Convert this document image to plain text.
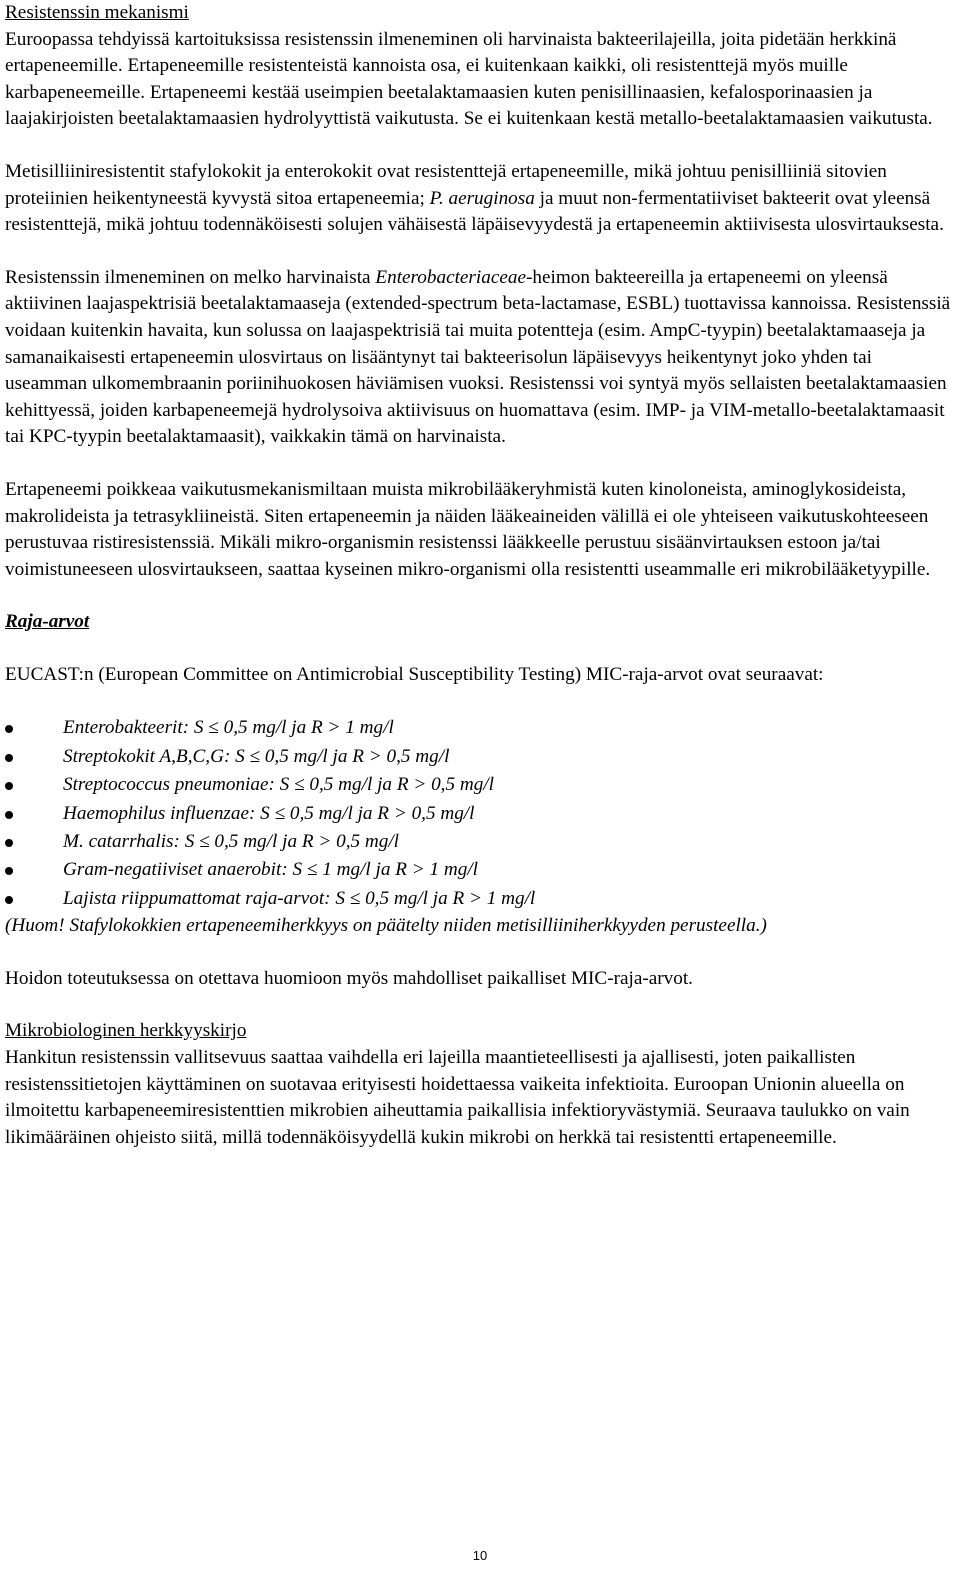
Resistenssin mekanismi

Euroopassa tehdyissä kartoituksissa resistenssin ilmeneminen oli harvinaista bakteerilajeilla, joita pidetään herkkinä ertapeneemille. Ertapeneemille resistenteistä kannoista osa, ei kuitenkaan kaikki, oli resistenttejä myös muille karbapeneemeille. Ertapeneemi kestää useimpien beetalaktamaasien kuten penisillinaasien, kefalosporinaasien ja laajakirjoisten beetalaktamaasien hydrolyyttistä vaikutusta. Se ei kuitenkaan kestä metallo-beetalaktamaasien vaikutusta.

Metisilliiniresistentit stafylokokit ja enterokokit ovat resistenttejä ertapeneemille, mikä johtuu penisilliiniä sitovien proteiinien heikentyneestä kyvystä sitoa ertapeneemia; P. aeruginosa ja muut non-fermentatiiviset bakteerit ovat yleensä resistenttejä, mikä johtuu todennäköisesti solujen vähäisestä läpäisevyydestä ja ertapeneemin aktiivisesta ulosvirtauksesta.

Resistenssin ilmeneminen on melko harvinaista Enterobacteriaceae-heimon bakteereilla ja ertapeneemi on yleensä aktiivinen laajaspektrisiä beetalaktamaaseja (extended-spectrum beta-lactamase, ESBL) tuottavissa kannoissa. Resistenssiä voidaan kuitenkin havaita, kun solussa on laajaspektrisiä tai muita potentteja (esim. AmpC-tyypin) beetalaktamaaseja ja samanaikaisesti ertapeneemin ulosvirtaus on lisääntynyt tai bakteerisolun läpäisevyys heikentynyt joko yhden tai useamman ulkomembraanin poriinihuokosen häviämisen vuoksi. Resistenssi voi syntyä myös sellaisten beetalaktamaasien kehittyessä, joiden karbapeneemejä hydrolysoiva aktiivisuus on huomattava (esim. IMP- ja VIM-metallo-beetalaktamaasit tai KPC-tyypin beetalaktamaasit), vaikkakin tämä on harvinaista.

Ertapeneemi poikkeaa vaikutusmekanismiltaan muista mikrobilääkeryhmistä kuten kinoloneista, aminoglykosideista, makrolideista ja tetrasykliineistä. Siten ertapeneemin ja näiden lääkeaineiden välillä ei ole yhteiseen vaikutuskohteeseen perustuvaa ristiresistenssiä. Mikäli mikro-organismin resistenssi lääkkeelle perustuu sisäänvirtauksen estoon ja/tai voimistuneeseen ulosvirtaukseen, saattaa kyseinen mikro-organismi olla resistentti useammalle eri mikrobilääketyypille.

Raja-arvot

EUCAST:n (European Committee on Antimicrobial Susceptibility Testing) MIC-raja-arvot ovat seuraavat:

Enterobakteerit: S ≤ 0,5 mg/l ja R > 1 mg/l
Streptokokit A,B,C,G: S ≤ 0,5 mg/l ja R > 0,5 mg/l
Streptococcus pneumoniae: S ≤ 0,5 mg/l ja R > 0,5 mg/l
Haemophilus influenzae: S ≤ 0,5 mg/l ja R > 0,5 mg/l
M. catarrhalis: S ≤ 0,5 mg/l ja R > 0,5 mg/l
Gram-negatiiviset anaerobit: S ≤ 1 mg/l ja R > 1 mg/l
Lajista riippumattomat raja-arvot: S ≤ 0,5 mg/l ja R > 1 mg/l

(Huom! Stafylokokkien ertapeneemiherkkyys on päätelty niiden metisilliiniherkkyyden perusteella.)

Hoidon toteutuksessa on otettava huomioon myös mahdolliset paikalliset MIC-raja-arvot.

Mikrobiologinen herkkyyskirjo

Hankitun resistenssin vallitsevuus saattaa vaihdella eri lajeilla maantieteellisesti ja ajallisesti, joten paikallisten resistenssitietojen käyttäminen on suotavaa erityisesti hoidettaessa vaikeita infektioita. Euroopan Unionin alueella on ilmoitettu karbapeneemiresistenttien mikrobien aiheuttamia paikallisia infektioryvästymiä. Seuraava taulukko on vain likimääräinen ohjeisto siitä, millä todennäköisyydellä kukin mikrobi on herkkä tai resistentti ertapeneemille.

10
